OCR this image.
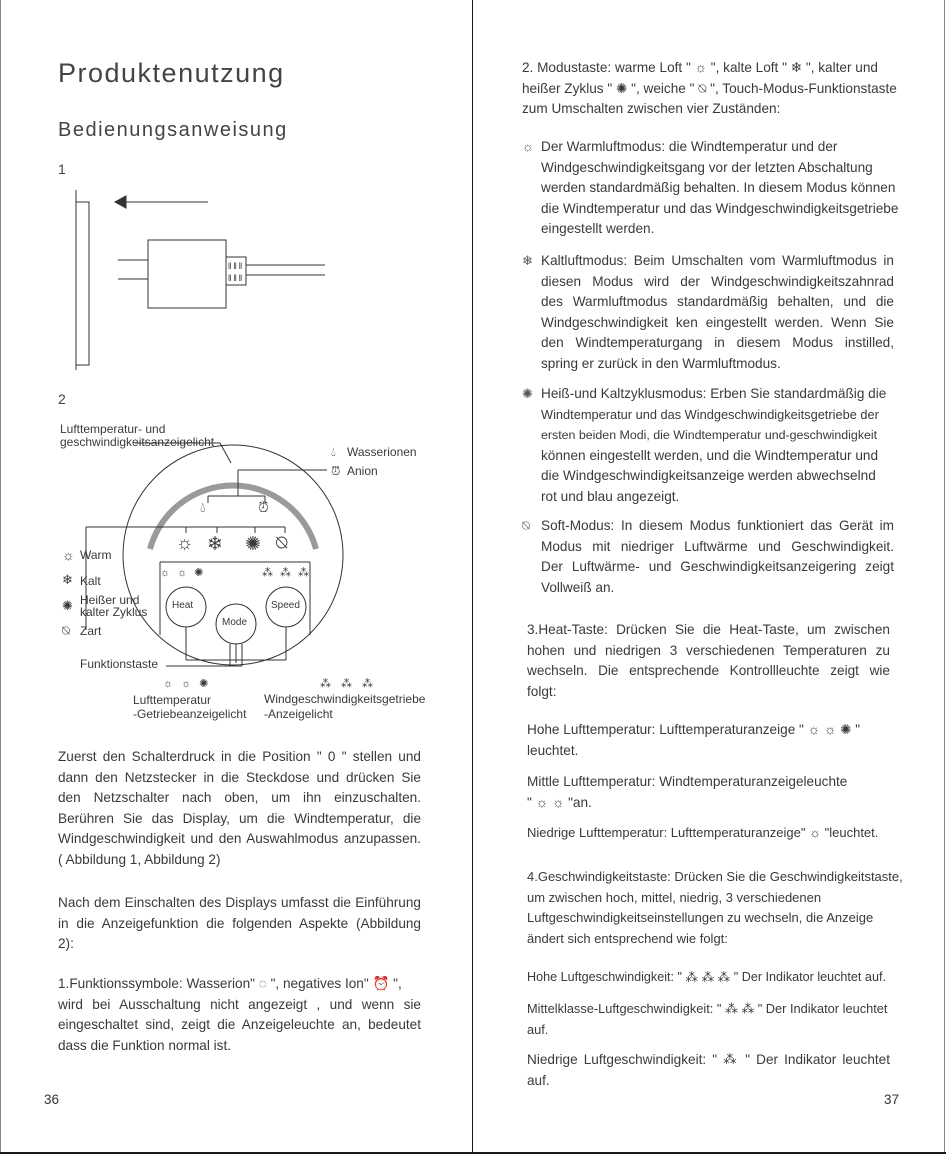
Produktenutzung
Bedienungsanweisung
1
ǁǁǁ
ǁǁǁ
2
Lufttemperatur- und
geschwindigkeitsanzeigelicht
💧︎ Wasserionen
⏰︎ Anion
💧︎	⏰︎
☼ ❄ ✺ ⍉
☼☼✺	⁂⁂⁂
☼ Warm
❄ Kalt
✺ Heißer und
kalter Zyklus
⍉ Zart
Heat
Mode
Speed
Funktionstaste
☼☼✺	⁂⁂⁂
Lufttemperatur
-Getriebeanzeigelicht
Windgeschwindigkeitsgetriebe
-Anzeigelicht
Zuerst den Schalterdruck in die Position " 0 " stellen und
dann den Netzstecker in die Steckdose und drücken Sie
den Netzschalter nach oben, um ihn einzuschalten.
Berühren Sie das Display, um die Windtemperatur, die
Windgeschwindigkeit und den Auswahlmodus anzupassen.
( Abbildung 1, Abbildung 2)
Nach dem Einschalten des Displays umfasst die Einführung
in die Anzeigefunktion die folgenden Aspekte (Abbildung
2):
1.Funktionssymbole: Wasserion" ◌ ", negatives Ion" ⏰ ",
wird bei Ausschaltung nicht angezeigt , und wenn sie
eingeschaltet sind, zeigt die Anzeigeleuchte an, bedeutet
dass die Funktion normal ist.
36
2. Modustaste: warme Loft " ☼ ", kalte Loft " ❄ ", kalter und
heißer Zyklus " ✺ ", weiche " ⍉ ", Touch-Modus-Funktionstaste
zum Umschalten zwischen vier Zuständen:
☼ Der Warmluftmodus: die Windtemperatur und der
Windgeschwindigkeitsgang vor der letzten Abschaltung
werden standardmäßig behalten. In diesem Modus können
die Windtemperatur und das Windgeschwindigkeitsgetriebe
eingestellt werden.
❄ Kaltluftmodus: Beim Umschalten vom Warmluftmodus in
diesen Modus wird der Windgeschwindigkeitszahnrad
des Warmluftmodus standardmäßig behalten, und die
Windgeschwindigkeit ken eingestellt werden. Wenn Sie
den Windtemperaturgang in diesem Modus instilled,
spring er zurück in den Warmluftmodus.
✺ Heiß-und Kaltzyklusmodus: Erben Sie standardmäßig die
Windtemperatur und das Windgeschwindigkeitsgetriebe der
ersten beiden Modi, die Windtemperatur und-geschwindigkeit
können eingestellt werden, und die Windtemperatur und
die Windgeschwindigkeitsanzeige werden abwechselnd
rot und blau angezeigt.
⍉ Soft-Modus: In diesem Modus funktioniert das Gerät im
Modus mit niedriger Luftwärme und Geschwindigkeit.
Der Luftwärme- und Geschwindigkeitsanzeigering zeigt
Vollweiß an.
3.Heat-Taste: Drücken Sie die Heat-Taste, um zwischen
hohen und niedrigen 3 verschiedenen Temperaturen zu
wechseln. Die entsprechende Kontrollleuchte zeigt wie
folgt:
Hohe Lufttemperatur: Lufttemperaturanzeige " ☼ ☼ ✺ "
leuchtet.
Mittle Lufttemperatur: Windtemperaturanzeigeleuchte
" ☼ ☼ "an.
Niedrige Lufttemperatur: Lufttemperaturanzeige" ☼ "leuchtet.
4.Geschwindigkeitstaste: Drücken Sie die Geschwindigkeitstaste,
um zwischen hoch, mittel, niedrig, 3 verschiedenen
Luftgeschwindigkeitseinstellungen zu wechseln, die Anzeige
ändert sich entsprechend wie folgt:
Hohe Luftgeschwindigkeit: " ⁂ ⁂ ⁂ " Der Indikator leuchtet auf.
Mittelklasse-Luftgeschwindigkeit: " ⁂ ⁂ " Der Indikator leuchtet
auf.
Niedrige Luftgeschwindigkeit: " ⁂ " Der Indikator leuchtet
auf.
37
